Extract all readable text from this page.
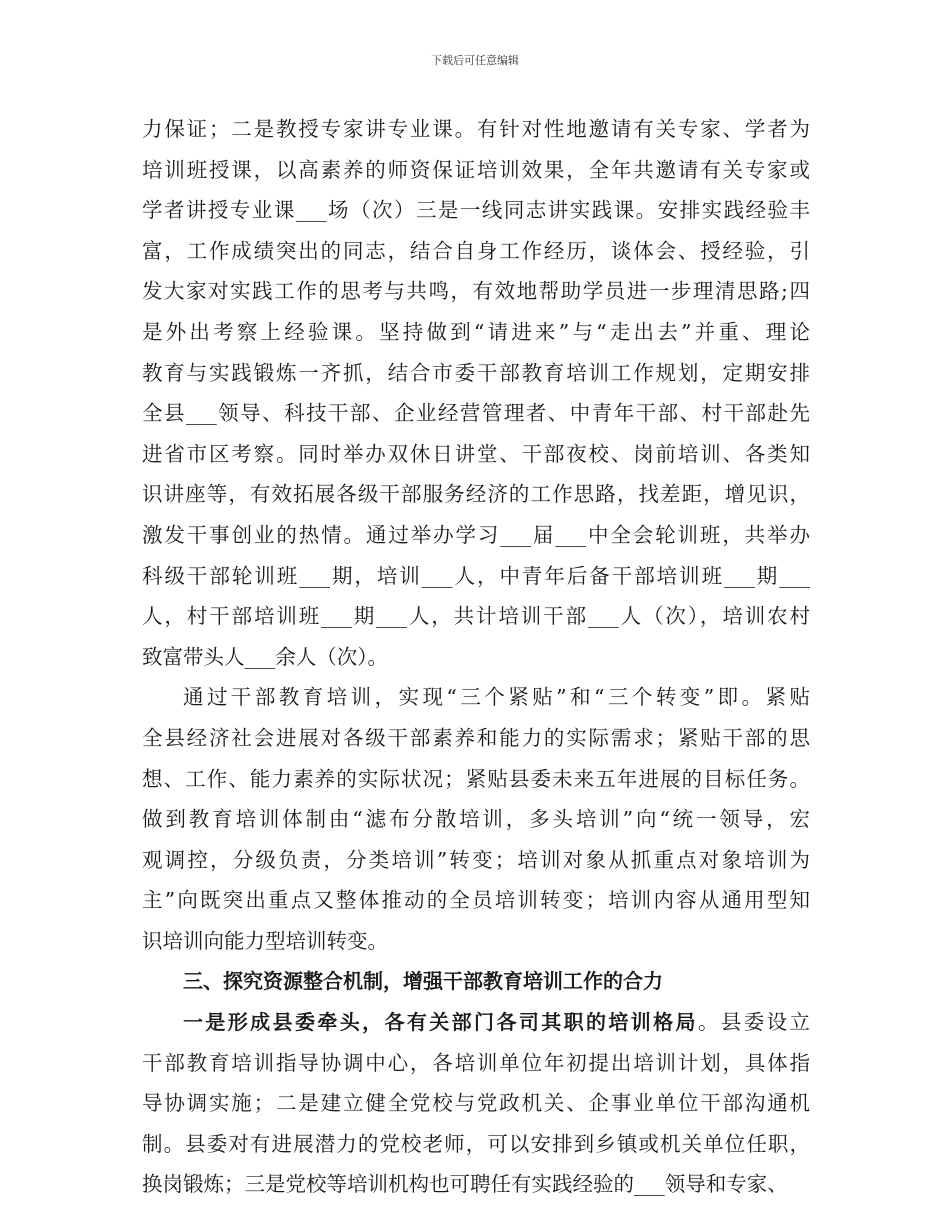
下载后可任意编辑
力保证；二是教授专家讲专业课。有针对性地邀请有关专家、学者为
培训班授课，以高素养的师资保证培训效果，全年共邀请有关专家或
学者讲授专业课___场（次）三是一线同志讲实践课。安排实践经验丰
富，工作成绩突出的同志，结合自身工作经历，谈体会、授经验，引
发大家对实践工作的思考与共鸣，有效地帮助学员进一步理清思路;四
是外出考察上经验课。坚持做到“请进来”与“走出去”并重、理论
教育与实践锻炼一齐抓，结合市委干部教育培训工作规划，定期安排
全县___领导、科技干部、企业经营管理者、中青年干部、村干部赴先
进省市区考察。同时举办双休日讲堂、干部夜校、岗前培训、各类知
识讲座等，有效拓展各级干部服务经济的工作思路，找差距，增见识，
激发干事创业的热情。通过举办学习___届___中全会轮训班，共举办
科级干部轮训班___期，培训___人，中青年后备干部培训班___期___
人，村干部培训班___期___人，共计培训干部___人（次），培训农村
致富带头人___余人（次）。
通过干部教育培训，实现“三个紧贴”和“三个转变”即。紧贴
全县经济社会进展对各级干部素养和能力的实际需求；紧贴干部的思
想、工作、能力素养的实际状况；紧贴县委未来五年进展的目标任务。
做到教育培训体制由“滤布分散培训，多头培训”向“统一领导，宏
观调控，分级负责，分类培训”转变；培训对象从抓重点对象培训为
主”向既突出重点又整体推动的全员培训转变；培训内容从通用型知
识培训向能力型培训转变。
三、探究资源整合机制，增强干部教育培训工作的合力
一是形成县委牵头，各有关部门各司其职的培训格局。县委设立
干部教育培训指导协调中心，各培训单位年初提出培训计划，具体指
导协调实施；二是建立健全党校与党政机关、企事业单位干部沟通机
制。县委对有进展潜力的党校老师，可以安排到乡镇或机关单位任职，
换岗锻炼；三是党校等培训机构也可聘任有实践经验的___领导和专家、
